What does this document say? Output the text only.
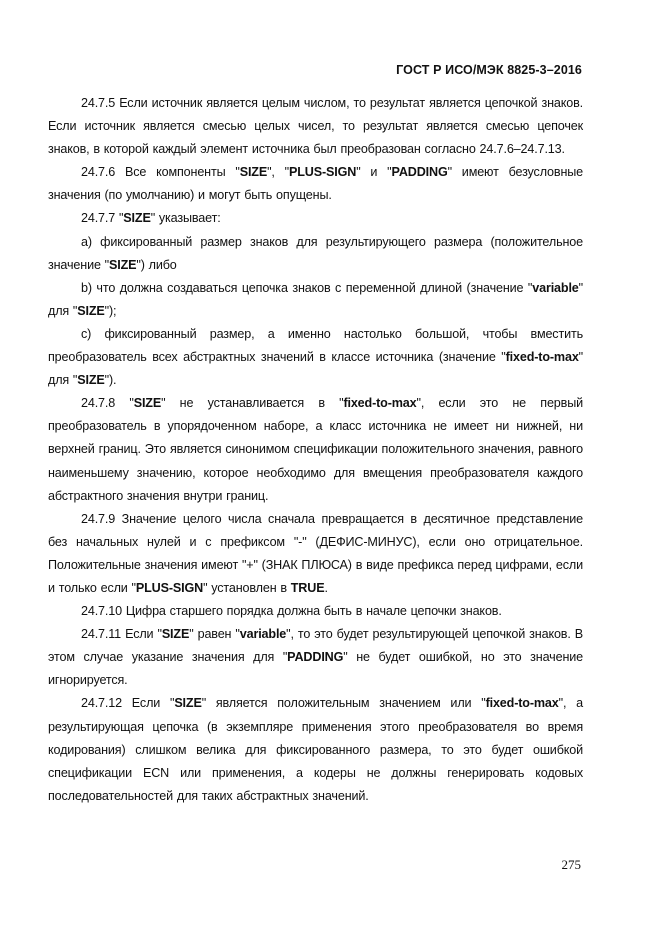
ГОСТ Р ИСО/МЭК 8825-3–2016

24.7.5 Если источник является целым числом, то результат является цепочкой знаков. Если источник является смесью целых чисел, то результат является смесью цепочек знаков, в которой каждый элемент источника был преобразован согласно 24.7.6–24.7.13.

24.7.6 Все компоненты "SIZE", "PLUS-SIGN" и "PADDING" имеют безусловные значения (по умолчанию) и могут быть опущены.

24.7.7 "SIZE" указывает:

a) фиксированный размер знаков для результирующего размера (положительное значение "SIZE") либо

b) что должна создаваться цепочка знаков с переменной длиной (значение "variable" для "SIZE");

c) фиксированный размер, а именно настолько большой, чтобы вместить преобразователь всех абстрактных значений в классе источника (значение "fixed-to-max" для "SIZE").

24.7.8 "SIZE" не устанавливается в "fixed-to-max", если это не первый преобразователь в упорядоченном наборе, а класс источника не имеет ни нижней, ни верхней границ. Это является синонимом спецификации положительного значения, равного наименьшему значению, которое необходимо для вмещения преобразователя каждого абстрактного значения внутри границ.

24.7.9 Значение целого числа сначала превращается в десятичное представление без начальных нулей и с префиксом "-" (ДЕФИС-МИНУС), если оно отрицательное. Положительные значения имеют "+" (ЗНАК ПЛЮСА) в виде префикса перед цифрами, если и только если "PLUS-SIGN" установлен в TRUE.

24.7.10 Цифра старшего порядка должна быть в начале цепочки знаков.

24.7.11 Если "SIZE" равен "variable", то это будет результирующей цепочкой знаков. В этом случае указание значения для "PADDING" не будет ошибкой, но это значение игнорируется.

24.7.12 Если "SIZE" является положительным значением или "fixed-to-max", а результирующая цепочка (в экземпляре применения этого преобразователя во время кодирования) слишком велика для фиксированного размера, то это будет ошибкой спецификации ECN или применения, а кодеры не должны генерировать кодовых последовательностей для таких абстрактных значений.

275
